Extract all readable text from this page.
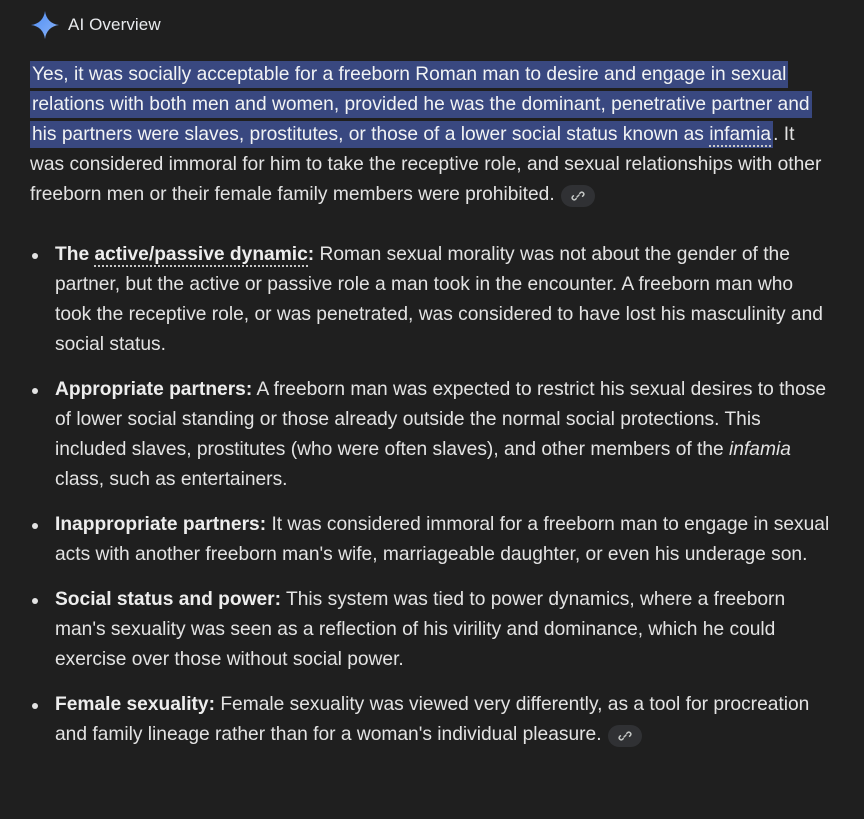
AI Overview

Yes, it was socially acceptable for a freeborn Roman man to desire and engage in sexual relations with both men and women, provided he was the dominant, penetrative partner and his partners were slaves, prostitutes, or those of a lower social status known as infamia . It was considered immoral for him to take the receptive role, and sexual relationships with other freeborn men or their female family members were prohibited.

The active/passive dynamic: Roman sexual morality was not about the gender of the partner, but the active or passive role a man took in the encounter. A freeborn man who took the receptive role, or was penetrated, was considered to have lost his masculinity and social status.
Appropriate partners: A freeborn man was expected to restrict his sexual desires to those of lower social standing or those already outside the normal social protections. This included slaves, prostitutes (who were often slaves), and other members of the infamia class, such as entertainers.
Inappropriate partners: It was considered immoral for a freeborn man to engage in sexual acts with another freeborn man's wife, marriageable daughter, or even his underage son.
Social status and power: This system was tied to power dynamics, where a freeborn man's sexuality was seen as a reflection of his virility and dominance, which he could exercise over those without social power.
Female sexuality: Female sexuality was viewed very differently, as a tool for procreation and family lineage rather than for a woman's individual pleasure.
